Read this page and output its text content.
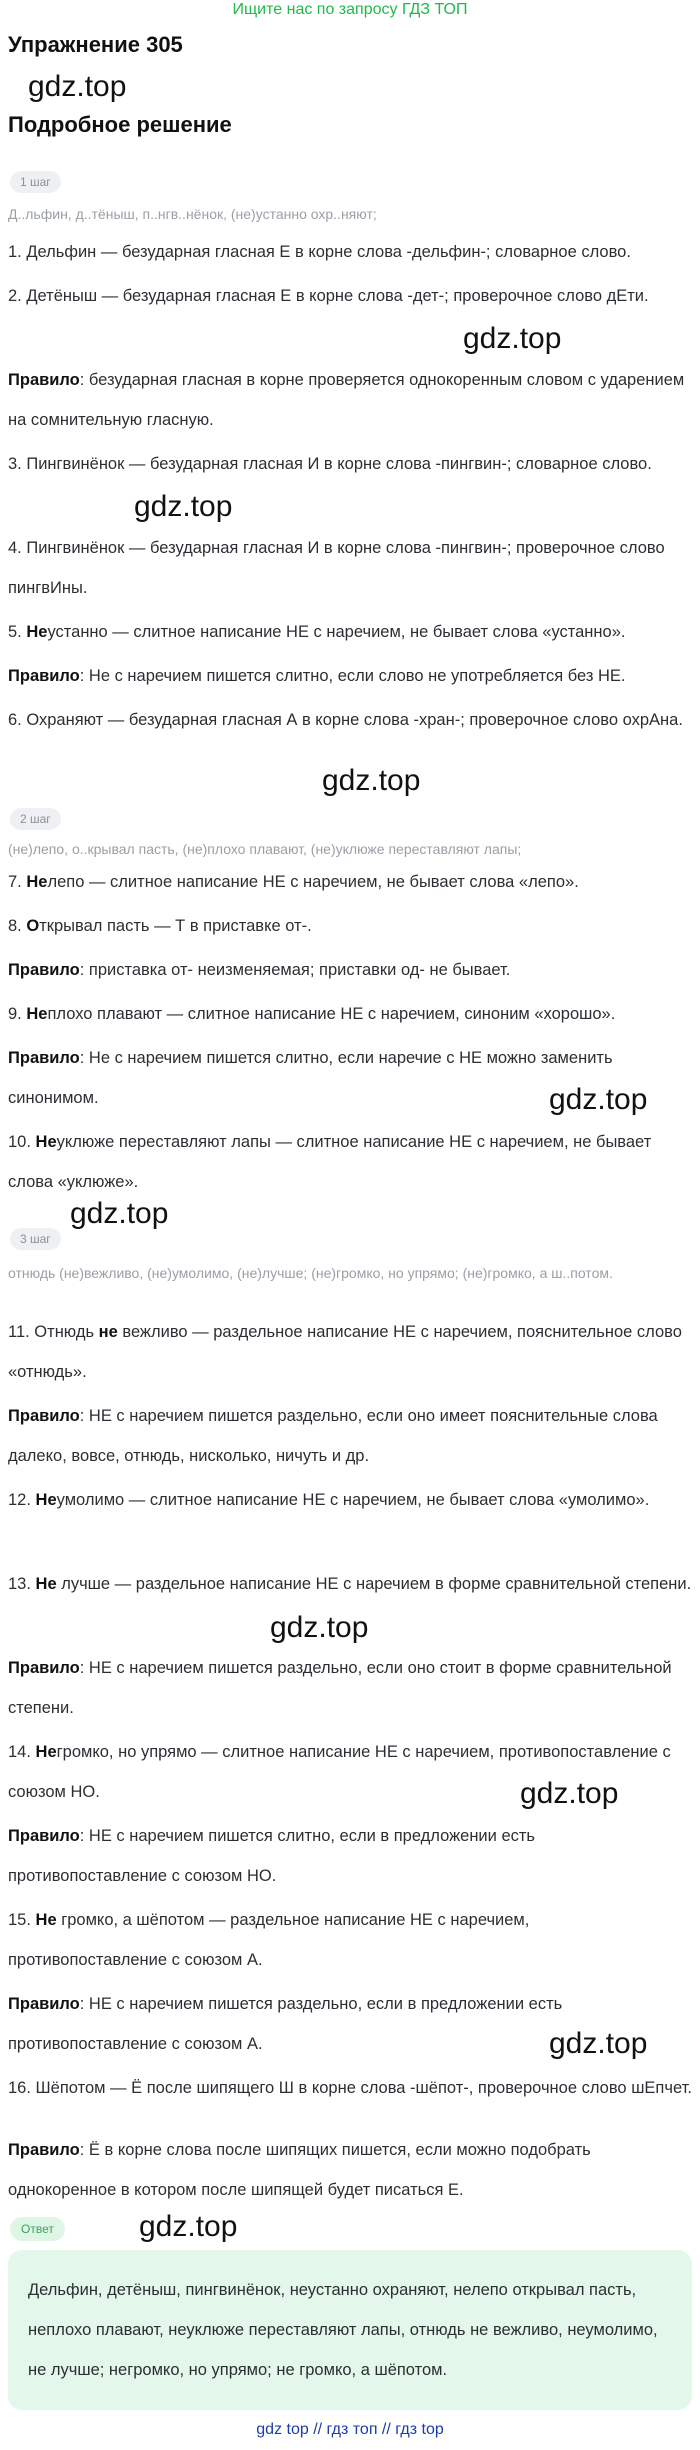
Ищите нас по запросу ГДЗ ТОП
Упражнение 305
gdz.top
Подробное решение
1 шаг
Д..льфин, д..тёныш, п..нгв..нёнок, (не)устанно охр..няют;
1. Дельфин — безударная гласная Е в корне слова -дельфин-; словарное слово.
2. Детёныш — безударная гласная Е в корне слова -дет-; проверочное слово дЕти.
gdz.top
Правило: безударная гласная в корне проверяется однокоренным словом с ударением на сомнительную гласную.
3. Пингвинёнок — безударная гласная И в корне слова -пингвин-; словарное слово.
gdz.top
4. Пингвинёнок — безударная гласная И в корне слова -пингвин-; проверочное слово пингвИны.
5. Неустанно — слитное написание НЕ с наречием, не бывает слова «устанно».
Правило: Не с наречием пишется слитно, если слово не употребляется без НЕ.
6. Охраняют — безударная гласная А в корне слова -хран-; проверочное слово охрАна.
gdz.top
2 шаг
(не)лепо, о..крывал пасть, (не)плохо плавают, (не)уклюже переставляют лапы;
7. Нелепо — слитное написание НЕ с наречием, не бывает слова «лепо».
8. Открывал пасть — Т в приставке от-.
Правило: приставка от- неизменяемая; приставки од- не бывает.
9. Неплохо плавают — слитное написание НЕ с наречием, синоним «хорошо».
Правило: Не с наречием пишется слитно, если наречие с НЕ можно заменить синонимом.	gdz.top
10. Неуклюже переставляют лапы — слитное написание НЕ с наречием, не бывает слова «уклюже».
gdz.top
3 шаг
отнюдь (не)вежливо, (не)умолимо, (не)лучше; (не)громко, но упрямо; (не)громко, а ш..потом.
11. Отнюдь не вежливо — раздельное написание НЕ с наречием, пояснительное слово «отнюдь».
Правило: НЕ с наречием пишется раздельно, если оно имеет пояснительные слова далеко, вовсе, отнюдь, нисколько, ничуть и др.
12. Неумолимо — слитное написание НЕ с наречием, не бывает слова «умолимо».
13. Не лучше — раздельное написание НЕ с наречием в форме сравнительной степени.
gdz.top
Правило: НЕ с наречием пишется раздельно, если оно стоит в форме сравнительной степени.
14. Негромко, но упрямо — слитное написание НЕ с наречием, противопоставление с союзом НО.	gdz.top
Правило: НЕ с наречием пишется слитно, если в предложении есть противопоставление с союзом НО.
15. Не громко, а шёпотом — раздельное написание НЕ с наречием, противопоставление с союзом А.
Правило: НЕ с наречием пишется раздельно, если в предложении есть противопоставление с союзом А.	gdz.top
16. Шёпотом — Ё после шипящего Ш в корне слова -шёпот-, проверочное слово шЕпчет.
Правило: Ё в корне слова после шипящих пишется, если можно подобрать однокоренное в котором после шипящей будет писаться Е.
Ответ	gdz.top
Дельфин, детёныш, пингвинёнок, неустанно охраняют, нелепо открывал пасть, неплохо плавают, неуклюже переставляют лапы, отнюдь не вежливо, неумолимо, не лучше; негромко, но упрямо; не громко, а шёпотом.
gdz top // гдз топ // гдз top
